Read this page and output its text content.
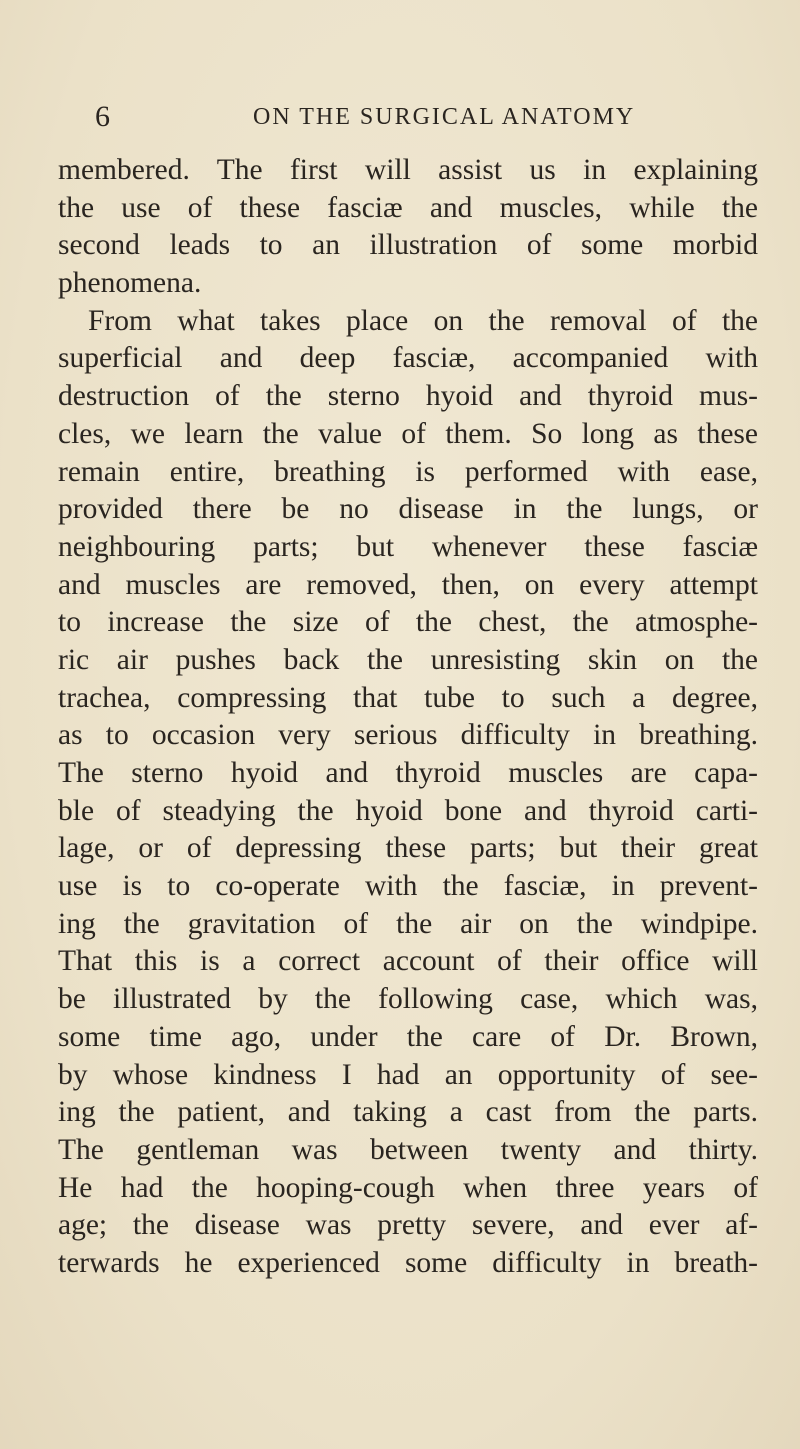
6	ON THE SURGICAL ANATOMY
membered. The first will assist us in explaining
the use of these fasciæ and muscles, while the
second leads to an illustration of some morbid
phenomena.
From what takes place on the removal of the
superficial and deep fasciæ, accompanied with
destruction of the sterno hyoid and thyroid mus-
cles, we learn the value of them. So long as these
remain entire, breathing is performed with ease,
provided there be no disease in the lungs, or
neighbouring parts; but whenever these fasciæ
and muscles are removed, then, on every attempt
to increase the size of the chest, the atmosphe-
ric air pushes back the unresisting skin on the
trachea, compressing that tube to such a degree,
as to occasion very serious difficulty in breathing.
The sterno hyoid and thyroid muscles are capa-
ble of steadying the hyoid bone and thyroid carti-
lage, or of depressing these parts; but their great
use is to co-operate with the fasciæ, in prevent-
ing the gravitation of the air on the windpipe.
That this is a correct account of their office will
be illustrated by the following case, which was,
some time ago, under the care of Dr. Brown,
by whose kindness I had an opportunity of see-
ing the patient, and taking a cast from the parts.
The gentleman was between twenty and thirty.
He had the hooping-cough when three years of
age; the disease was pretty severe, and ever af-
terwards he experienced some difficulty in breath-
